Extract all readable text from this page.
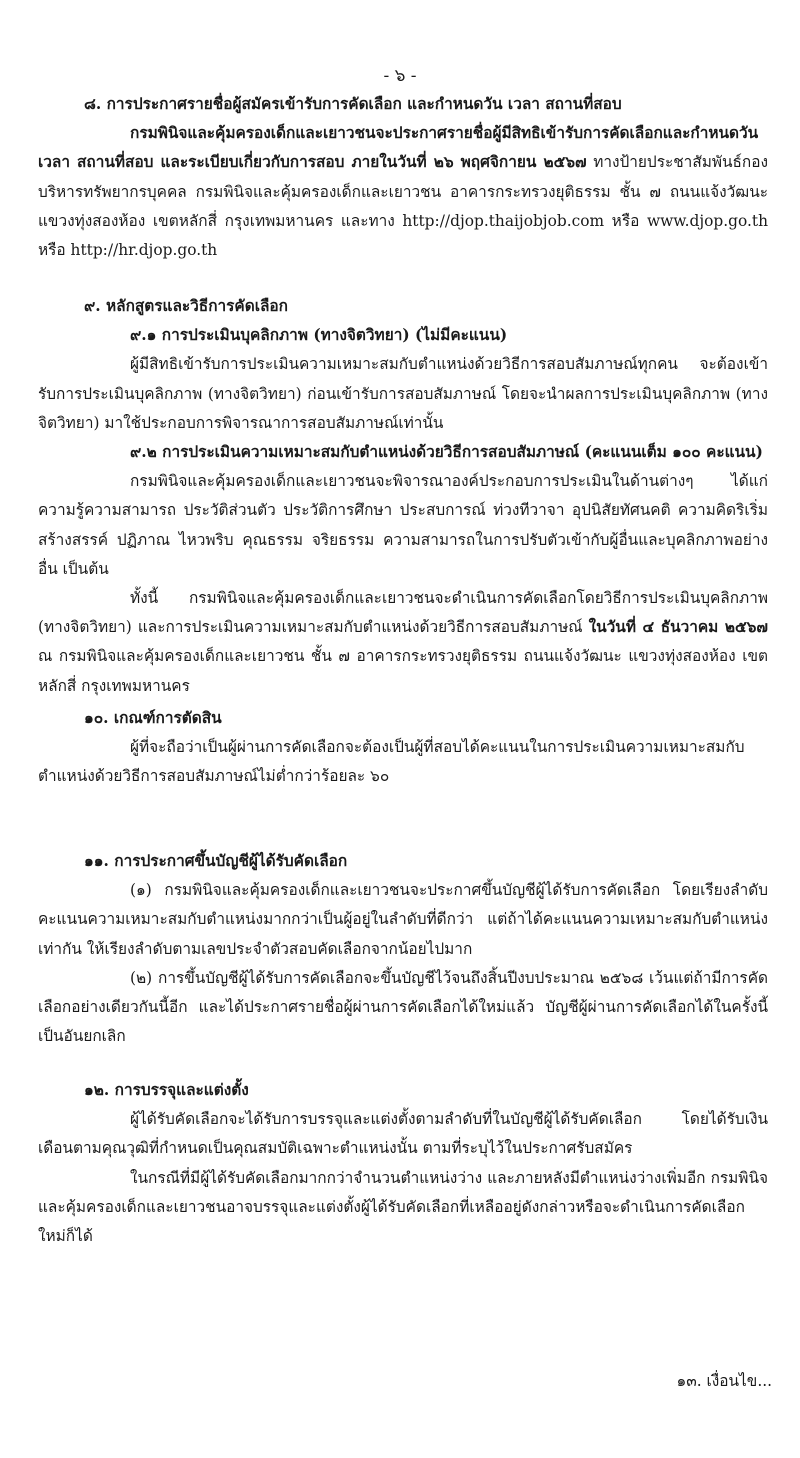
- ๖ -

๘. การประกาศรายชื่อผู้สมัครเข้ารับการคัดเลือก และกำหนดวัน เวลา สถานที่สอบ

กรมพินิจและคุ้มครองเด็กและเยาวชนจะประกาศรายชื่อผู้มีสิทธิเข้ารับการคัดเลือกและกำหนดวัน เวลา สถานที่สอบ และระเบียบเกี่ยวกับการสอบ ภายในวันที่ ๒๖ พฤศจิกายน ๒๕๖๗ ทางป้ายประชาสัมพันธ์กองบริหารทรัพยากรบุคคล กรมพินิจและคุ้มครองเด็กและเยาวชน อาคารกระทรวงยุติธรรม ชั้น ๗ ถนนแจ้งวัฒนะ แขวงทุ่งสองห้อง เขตหลักสี่ กรุงเทพมหานคร และทาง http://djop.thaijobjob.com หรือ www.djop.go.th หรือ http://hr.djop.go.th

๙. หลักสูตรและวิธีการคัดเลือก

๙.๑ การประเมินบุคลิกภาพ (ทางจิตวิทยา) (ไม่มีคะแนน)

ผู้มีสิทธิเข้ารับการประเมินความเหมาะสมกับตำแหน่งด้วยวิธีการสอบสัมภาษณ์ทุกคน จะต้องเข้ารับการประเมินบุคลิกภาพ (ทางจิตวิทยา) ก่อนเข้ารับการสอบสัมภาษณ์ โดยจะนำผลการประเมินบุคลิกภาพ (ทางจิตวิทยา) มาใช้ประกอบการพิจารณาการสอบสัมภาษณ์เท่านั้น

๙.๒ การประเมินความเหมาะสมกับตำแหน่งด้วยวิธีการสอบสัมภาษณ์ (คะแนนเต็ม ๑๐๐ คะแนน)

กรมพินิจและคุ้มครองเด็กและเยาวชนจะพิจารณาองค์ประกอบการประเมินในด้านต่างๆ ได้แก่ ความรู้ความสามารถ ประวัติส่วนตัว ประวัติการศึกษา ประสบการณ์ ท่วงทีวาจา อุปนิสัยทัศนคติ ความคิดริเริ่มสร้างสรรค์ ปฏิภาณ ไหวพริบ คุณธรรม จริยธรรม ความสามารถในการปรับตัวเข้ากับผู้อื่นและบุคลิกภาพอย่างอื่น เป็นต้น

ทั้งนี้ กรมพินิจและคุ้มครองเด็กและเยาวชนจะดำเนินการคัดเลือกโดยวิธีการประเมินบุคลิกภาพ (ทางจิตวิทยา) และการประเมินความเหมาะสมกับตำแหน่งด้วยวิธีการสอบสัมภาษณ์ ในวันที่ ๔ ธันวาคม ๒๕๖๗ ณ กรมพินิจและคุ้มครองเด็กและเยาวชน ชั้น ๗ อาคารกระทรวงยุติธรรม ถนนแจ้งวัฒนะ แขวงทุ่งสองห้อง เขตหลักสี่ กรุงเทพมหานคร

๑๐. เกณฑ์การตัดสิน

ผู้ที่จะถือว่าเป็นผู้ผ่านการคัดเลือกจะต้องเป็นผู้ที่สอบได้คะแนนในการประเมินความเหมาะสมกับตำแหน่งด้วยวิธีการสอบสัมภาษณ์ไม่ต่ำกว่าร้อยละ ๖๐

๑๑. การประกาศขึ้นบัญชีผู้ได้รับคัดเลือก

(๑) กรมพินิจและคุ้มครองเด็กและเยาวชนจะประกาศขึ้นบัญชีผู้ได้รับการคัดเลือก โดยเรียงลำดับคะแนนความเหมาะสมกับตำแหน่งมากกว่าเป็นผู้อยู่ในลำดับที่ดีกว่า แต่ถ้าได้คะแนนความเหมาะสมกับตำแหน่งเท่ากัน ให้เรียงลำดับตามเลขประจำตัวสอบคัดเลือกจากน้อยไปมาก

(๒) การขึ้นบัญชีผู้ได้รับการคัดเลือกจะขึ้นบัญชีไว้จนถึงสิ้นปีงบประมาณ ๒๕๖๘ เว้นแต่ถ้ามีการคัดเลือกอย่างเดียวกันนี้อีก และได้ประกาศรายชื่อผู้ผ่านการคัดเลือกได้ใหม่แล้ว บัญชีผู้ผ่านการคัดเลือกได้ในครั้งนี้เป็นอันยกเลิก

๑๒. การบรรจุและแต่งตั้ง

ผู้ได้รับคัดเลือกจะได้รับการบรรจุและแต่งตั้งตามลำดับที่ในบัญชีผู้ได้รับคัดเลือก โดยได้รับเงินเดือนตามคุณวุฒิที่กำหนดเป็นคุณสมบัติเฉพาะตำแหน่งนั้น ตามที่ระบุไว้ในประกาศรับสมัคร

ในกรณีที่มีผู้ได้รับคัดเลือกมากกว่าจำนวนตำแหน่งว่าง และภายหลังมีตำแหน่งว่างเพิ่มอีก กรมพินิจและคุ้มครองเด็กและเยาวชนอาจบรรจุและแต่งตั้งผู้ได้รับคัดเลือกที่เหลืออยู่ดังกล่าวหรือจะดำเนินการคัดเลือกใหม่ก็ได้

๑๓. เงื่อนไข...
